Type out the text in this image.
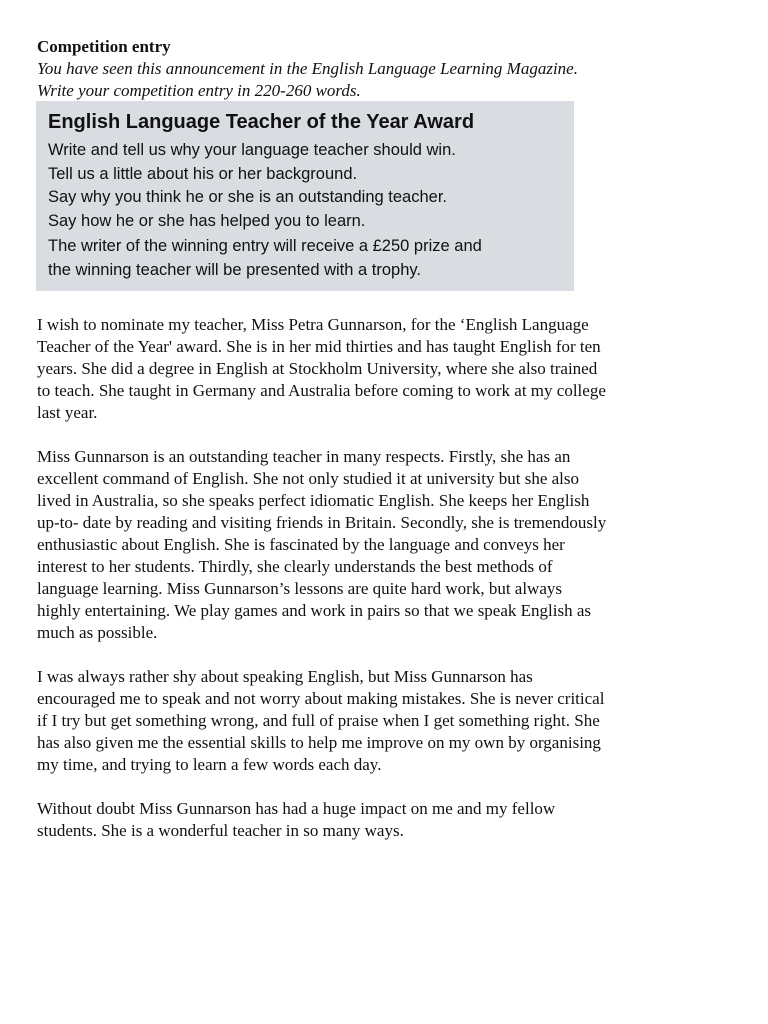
Competition entry

You have seen this announcement in the English Language Learning Magazine.
Write your competition entry in 220-260 words.
English Language Teacher of the Year Award
Write and tell us why your language teacher should win.
Tell us a little about his or her background.
Say why you think he or she is an outstanding teacher.
Say how he or she has helped you to learn.
The writer of the winning entry will receive a £250 prize and
the winning teacher will be presented with a trophy.
I wish to nominate my teacher, Miss Petra Gunnarson, for the ‘English Language
Teacher of the Year' award. She is in her mid thirties and has taught English for ten
years. She did a degree in English at Stockholm University, where she also trained
to teach. She taught in Germany and Australia before coming to work at my college
last year.
Miss Gunnarson is an outstanding teacher in many respects. Firstly, she has an
excellent command of English. She not only studied it at university but she also
lived in Australia, so she speaks perfect idiomatic English. She keeps her English
up-to- date by reading and visiting friends in Britain. Secondly, she is tremendously
enthusiastic about English. She is fascinated by the language and conveys her
interest to her students. Thirdly, she clearly understands the best methods of
language learning. Miss Gunnarson’s lessons are quite hard work, but always
highly entertaining. We play games and work in pairs so that we speak English as
much as possible.
I was always rather shy about speaking English, but Miss Gunnarson has
encouraged me to speak and not worry about making mistakes. She is never critical
if I try but get something wrong, and full of praise when I get something right. She
has also given me the essential skills to help me improve on my own by organising
my time, and trying to learn a few words each day.
Without doubt Miss Gunnarson has had a huge impact on me and my fellow
students. She is a wonderful teacher in so many ways.
